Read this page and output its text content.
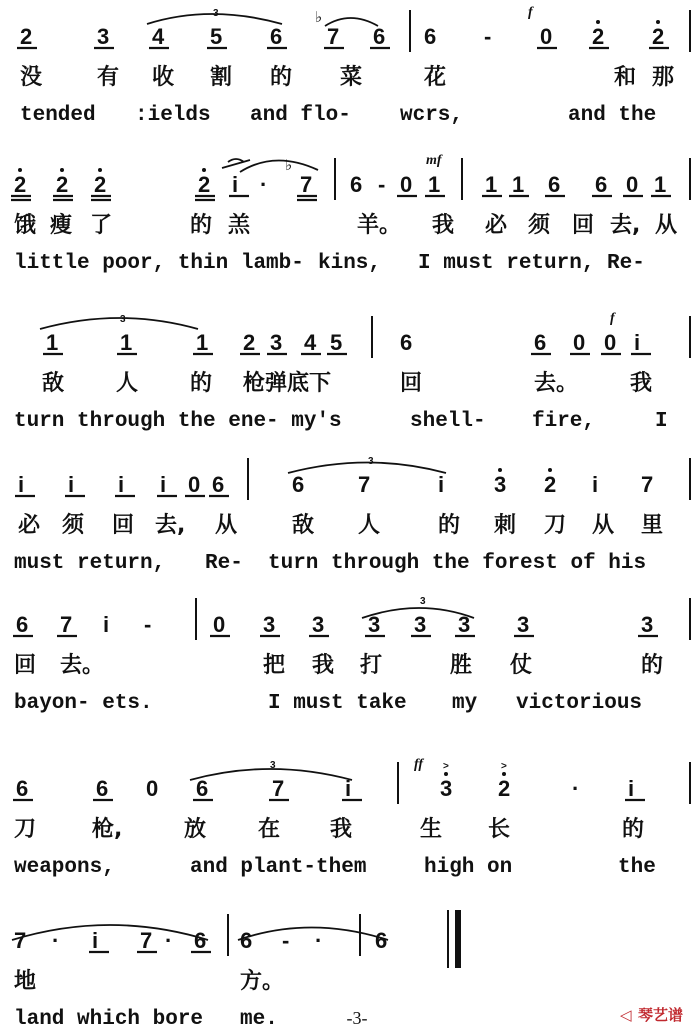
>	>
2	3 4 5 6 7 6 6 - 0 2 2
♭	f
3
没 有 收 割 的 菜	花	和 那
tended :ields and flo- wcrs,	and the
2 2 2	2 i · 7 6 - 0 1 1 1 6 6 0 1
♭	mf
饿 瘦 了	的 羔	羊。 我 必 须 回 去, 从
little poor, thin lamb- kins, I must return, Re-
1	1	1 2 3 4 5	6	6 0 0 i
f
3
敌 人 的 枪弹底下	回	去。 我
turn through the ene- my's	shell- fire,	I
i i i i 0 6	6 7	i 3 2 i 7
3
必 须 回 去, 从 敌 人	的 刺 刀 从 里
must return, Re- turn through the forest of his
6 7 i -	0 3 3 3 3 3 3	3
3
回 去。	把 我 打	胜 仗	的
bayon- ets.	I must take my victorious
6	6 0 6	7	i	3 2	· i
ff
3
刀	枪,	放 在 我	生 长	的
weapons,	and plant-them	high on	the
7 · i 7 · 6 6 - · 6
地	方。
land which bore me.	-3-	◁ 琴艺谱
